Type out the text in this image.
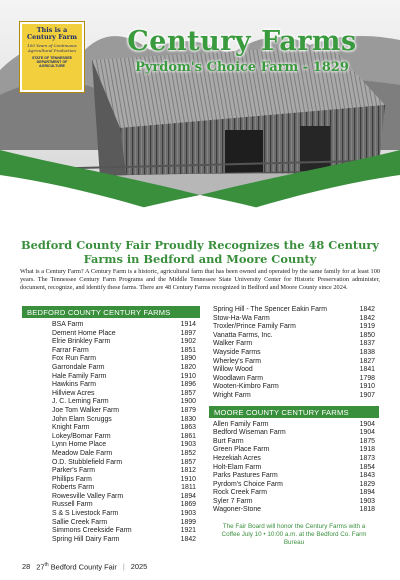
This is a
Century Farm
100 Years of Continuous Agricultural Production
STATE OF TENNESSEE DEPARTMENT OF AGRICULTURE
Century Farms
Pyrdom's Choice Farm - 1829
Bedford County Fair Proudly Recognizes the 48 Century Farms in Bedford and Moore County
What is a Century Farm? A Century Farm is a historic, agricultural farm that has been owned and operated by the same family for at least 100 years. The Tennessee Century Farm Programs and the Middle Tennessee State University Center for Historic Preservation administer, document, recognize, and identify these farms. There are 48 Century Farms recognized in Bedford and Moore County since 2024.
BEDFORD COUNTY CENTURY FARMS
BSA Farm	1914
Dement Home Place	1897
Elrie Brinkley Farm	1902
Farrar Farm	1851
Fox Run Farm	1890
Garrondale Farm	1820
Hale Family Farm	1910
Hawkins Farm	1896
Hillview Acres	1857
J. C. Leming Farm	1900
Joe Tom Walker Farm	1879
John Elam Scruggs	1830
Knight Farm	1863
Lokey/Bomar Farm	1861
Lynn Home Place	1903
Meadow Dale Farm	1852
O.D. Stubblefield Farm	1857
Parker's Farm	1812
Phillips Farm	1910
Roberts Farm	1811
Rowesville Valley Farm	1894
Russell Farm	1869
S & S Livestock Farm	1903
Sallie Creek Farm	1899
Simmons Creekside Farm	1921
Spring Hill Dairy Farm	1842
Spring Hill - The Spencer Eakin Farm	1842
Stow-Ha-Wa Farm	1842
Troxler/Prince Family Farm	1919
Vanatta Farms, Inc.	1850
Walker Farm	1837
Wayside Farms	1838
Wherley's Farm	1827
Willow Wood	1841
Woodlawn Farm	1798
Wooten-Kimbro Farm	1910
Wright Farm	1907
MOORE COUNTY CENTURY FARMS
Allen Family Farm	1904
Bedford Wiseman Farm	1904
Burt Farm	1875
Green Place Farm	1918
Hezekiah Acres	1873
Holt-Elam Farm	1854
Parks Pastures Farm	1843
Pyrdom's Choice Farm	1829
Rock Creek Farm	1894
Syler 7 Farm	1903
Wagoner-Stone	1818
The Fair Board will honor the Century Farms with a Coffee July 10 • 10:00 a.m. at the Bedford Co. Farm Bureau
28 27th Bedford County Fair | 2025
